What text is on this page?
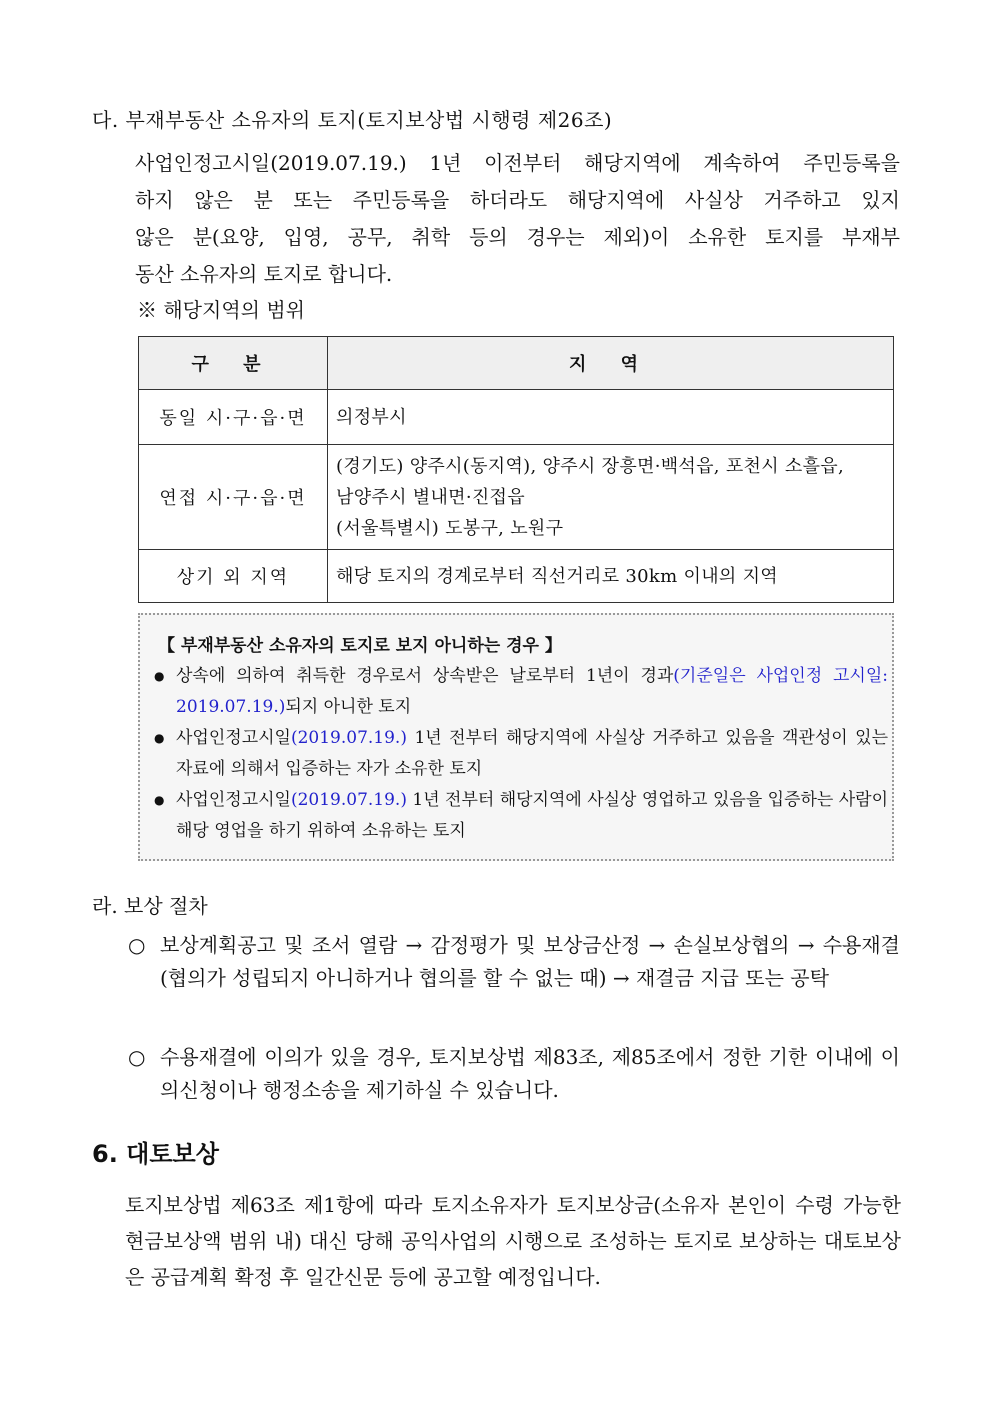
다. 부재부동산 소유자의 토지(토지보상법 시행령 제26조)
사업인정고시일(2019.07.19.) 1년 이전부터 해당지역에 계속하여 주민등록을
하지 않은 분 또는 주민등록을 하더라도 해당지역에 사실상 거주하고 있지
않은 분(요양, 입영, 공무, 취학 등의 경우는 제외)이 소유한 토지를 부재부
동산 소유자의 토지로 합니다.
※ 해당지역의 범위
구 분	지 역
동일 시·구·읍·면	의정부시

연접 시·구·읍·면	(경기도) 양주시(동지역), 양주시 장흥면·백석읍, 포천시 소흘읍,
남양주시 별내면·진접읍
(서울특별시) 도봉구, 노원구

상기 외 지역	해당 토지의 경계로부터 직선거리로 30km 이내의 지역
【 부재부동산 소유자의 토지로 보지 아니하는 경우 】
● 상속에 의하여 취득한 경우로서 상속받은 날로부터 1년이 경과(기준일은 사업인정 고시일: 2019.07.19.)되지 아니한 토지
● 사업인정고시일(2019.07.19.) 1년 전부터 해당지역에 사실상 거주하고 있음을 객관성이 있는 자료에 의해서 입증하는 자가 소유한 토지
● 사업인정고시일(2019.07.19.) 1년 전부터 해당지역에 사실상 영업하고 있음을 입증하는 사람이 해당 영업을 하기 위하여 소유하는 토지
라. 보상 절차
○ 보상계획공고 및 조서 열람 → 감정평가 및 보상금산정 → 손실보상협의 → 수용재결(협의가 성립되지 아니하거나 협의를 할 수 없는 때) → 재결금 지급 또는 공탁
○ 수용재결에 이의가 있을 경우, 토지보상법 제83조, 제85조에서 정한 기한 이내에 이의신청이나 행정소송을 제기하실 수 있습니다.
6. 대토보상
토지보상법 제63조 제1항에 따라 토지소유자가 토지보상금(소유자 본인이 수령 가능한 현금보상액 범위 내) 대신 당해 공익사업의 시행으로 조성하는 토지로 보상하는 대토보상은 공급계획 확정 후 일간신문 등에 공고할 예정입니다.
